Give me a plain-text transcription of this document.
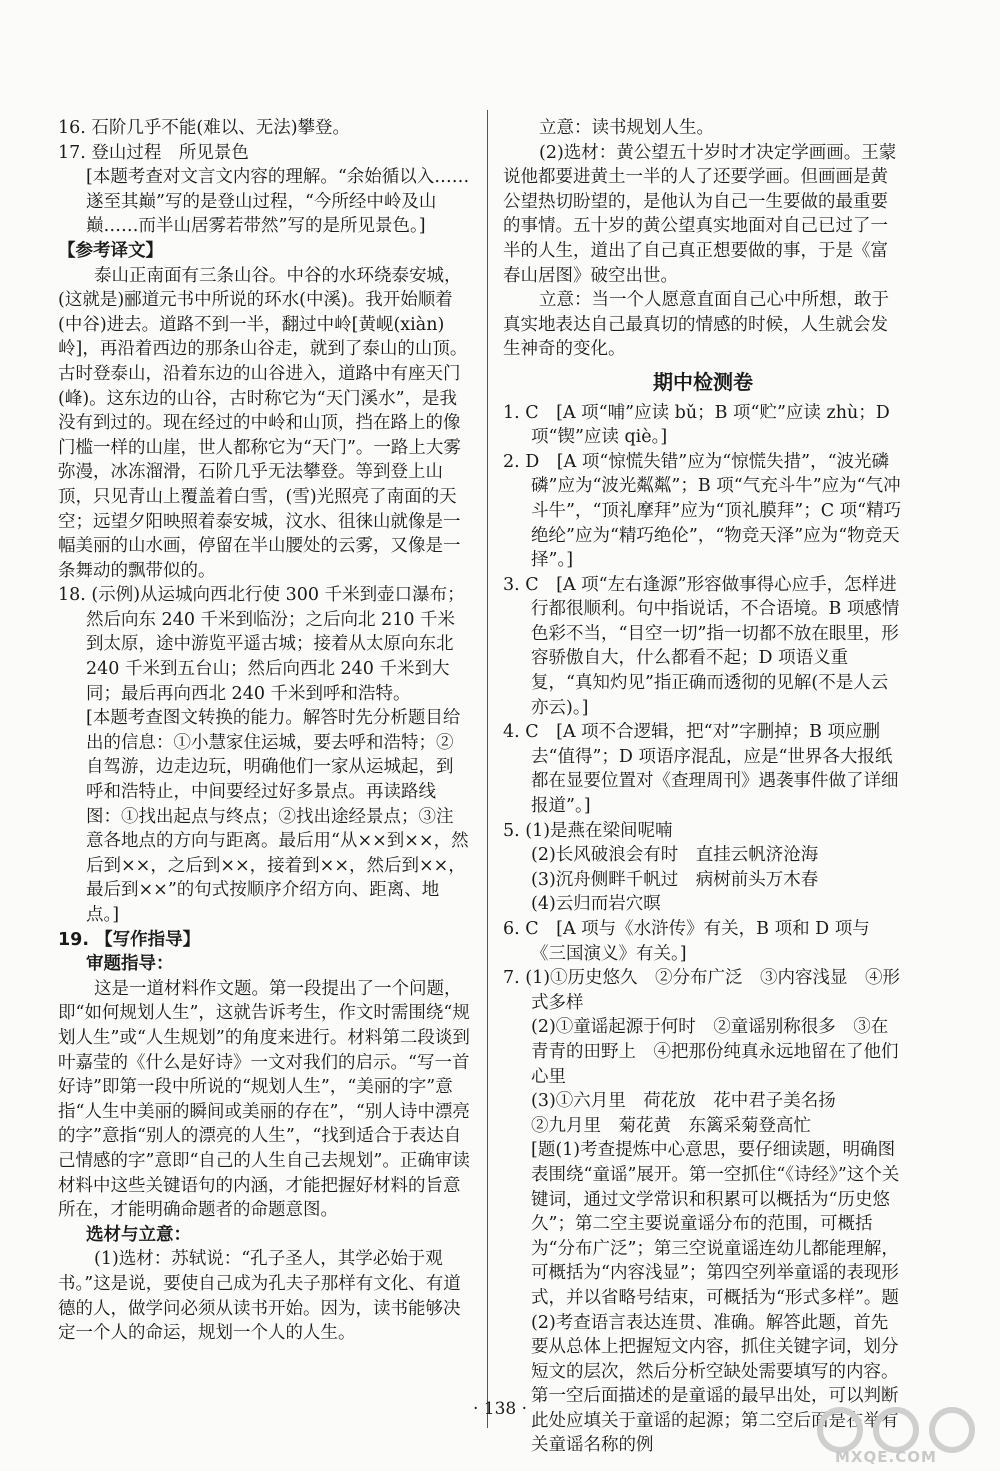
16. 石阶几乎不能(难以、无法)攀登。

17. 登山过程　所见景色

[本题考查对文言文内容的理解。“余始循以入……遂至其巅”写的是登山过程，“今所经中岭及山巅……而半山居雾若带然”写的是所见景色。]

【参考译文】

泰山正南面有三条山谷。中谷的水环绕泰安城，(这就是)郦道元书中所说的环水(中溪)。我开始顺着(中谷)进去。道路不到一半，翻过中岭[黄岘(xiàn)岭]，再沿着西边的那条山谷走，就到了泰山的山顶。古时登泰山，沿着东边的山谷进入，道路中有座天门(峰)。这东边的山谷，古时称它为“天门溪水”，是我没有到过的。现在经过的中岭和山顶，挡在路上的像门槛一样的山崖，世人都称它为“天门”。一路上大雾弥漫，冰冻溜滑，石阶几乎无法攀登。等到登上山顶，只见青山上覆盖着白雪，(雪)光照亮了南面的天空；远望夕阳映照着泰安城，汶水、徂徕山就像是一幅美丽的山水画，停留在半山腰处的云雾，又像是一条舞动的飘带似的。

18. (示例)从运城向西北行使 300 千米到壶口瀑布；然后向东 240 千米到临汾；之后向北 210 千米到太原，途中游览平遥古城；接着从太原向东北 240 千米到五台山；然后向西北 240 千米到大同；最后再向西北 240 千米到呼和浩特。

[本题考查图文转换的能力。解答时先分析题目给出的信息：①小慧家住运城，要去呼和浩特；②自驾游，边走边玩，明确他们一家从运城起，到呼和浩特止，中间要经过好多景点。再读路线图：①找出起点与终点；②找出途经景点；③注意各地点的方向与距离。最后用“从××到××，然后到××，之后到××，接着到××，然后到××，最后到××”的句式按顺序介绍方向、距离、地点。]

19. 【写作指导】

审题指导：

这是一道材料作文题。第一段提出了一个问题，即“如何规划人生”，这就告诉考生，作文时需围绕“规划人生”或“人生规划”的角度来进行。材料第二段谈到叶嘉莹的《什么是好诗》一文对我们的启示。“写一首好诗”即第一段中所说的“规划人生”，“美丽的字”意指“人生中美丽的瞬间或美丽的存在”，“别人诗中漂亮的字”意指“别人的漂亮的人生”，“找到适合于表达自己情感的字”意即“自己的人生自己去规划”。正确审读材料中这些关键语句的内涵，才能把握好材料的旨意所在，才能明确命题者的命题意图。

选材与立意：

(1)选材：苏轼说：“孔子圣人，其学必始于观书。”这是说，要使自己成为孔夫子那样有文化、有道德的人，做学问必须从读书开始。因为，读书能够决定一个人的命运，规划一个人的人生。

立意：读书规划人生。

(2)选材：黄公望五十岁时才决定学画画。王蒙说他都要进黄土一半的人了还要学画。但画画是黄公望热切盼望的，是他认为自己一生要做的最重要的事情。五十岁的黄公望真实地面对自己已过了一半的人生，道出了自己真正想要做的事，于是《富春山居图》破空出世。

立意：当一个人愿意直面自己心中所想，敢于真实地表达自己最真切的情感的时候，人生就会发生神奇的变化。

期中检测卷

1. C　[A 项“哺”应读 bǔ；B 项“贮”应读 zhù；D 项“锲”应读 qiè。]

2. D　[A 项“惊慌失错”应为“惊慌失措”，“波光磷磷”应为“波光粼粼”；B 项“气充斗牛”应为“气冲斗牛”，“顶礼摩拜”应为“顶礼膜拜”；C 项“精巧绝纶”应为“精巧绝伦”，“物竞天泽”应为“物竞天择”。]

3. C　[A 项“左右逢源”形容做事得心应手，怎样进行都很顺利。句中指说话，不合语境。B 项感情色彩不当，“目空一切”指一切都不放在眼里，形容骄傲自大，什么都看不起；D 项语义重复，“真知灼见”指正确而透彻的见解(不是人云亦云)。]

4. C　[A 项不合逻辑，把“对”字删掉；B 项应删去“值得”；D 项语序混乱，应是“世界各大报纸都在显要位置对《查理周刊》遇袭事件做了详细报道”。]

5. (1)是燕在梁间呢喃

(2)长风破浪会有时　直挂云帆济沧海

(3)沉舟侧畔千帆过　病树前头万木春

(4)云归而岩穴暝

6. C　[A 项与《水浒传》有关，B 项和 D 项与《三国演义》有关。]

7. (1)①历史悠久　②分布广泛　③内容浅显　④形式多样

(2)①童谣起源于何时　②童谣别称很多　③在青青的田野上　④把那份纯真永远地留在了他们心里

(3)①六月里　荷花放　花中君子美名扬

②九月里　菊花黄　东篱采菊登高忙

[题(1)考查提炼中心意思，要仔细读题，明确图表围绕“童谣”展开。第一空抓住“《诗经》”这个关键词，通过文学常识和积累可以概括为“历史悠久”；第二空主要说童谣分布的范围，可概括为“分布广泛”；第三空说童谣连幼儿都能理解，可概括为“内容浅显”；第四空列举童谣的表现形式，并以省略号结束，可概括为“形式多样”。题(2)考查语言表达连贯、准确。解答此题，首先要从总体上把握短文内容，抓住关键字词，划分短文的层次，然后分析空缺处需要填写的内容。第一空后面描述的是童谣的最早出处，可以判断此处应填关于童谣的起源；第二空后面是在举有关童谣名称的例

· 138 ·
MXQE.COM
